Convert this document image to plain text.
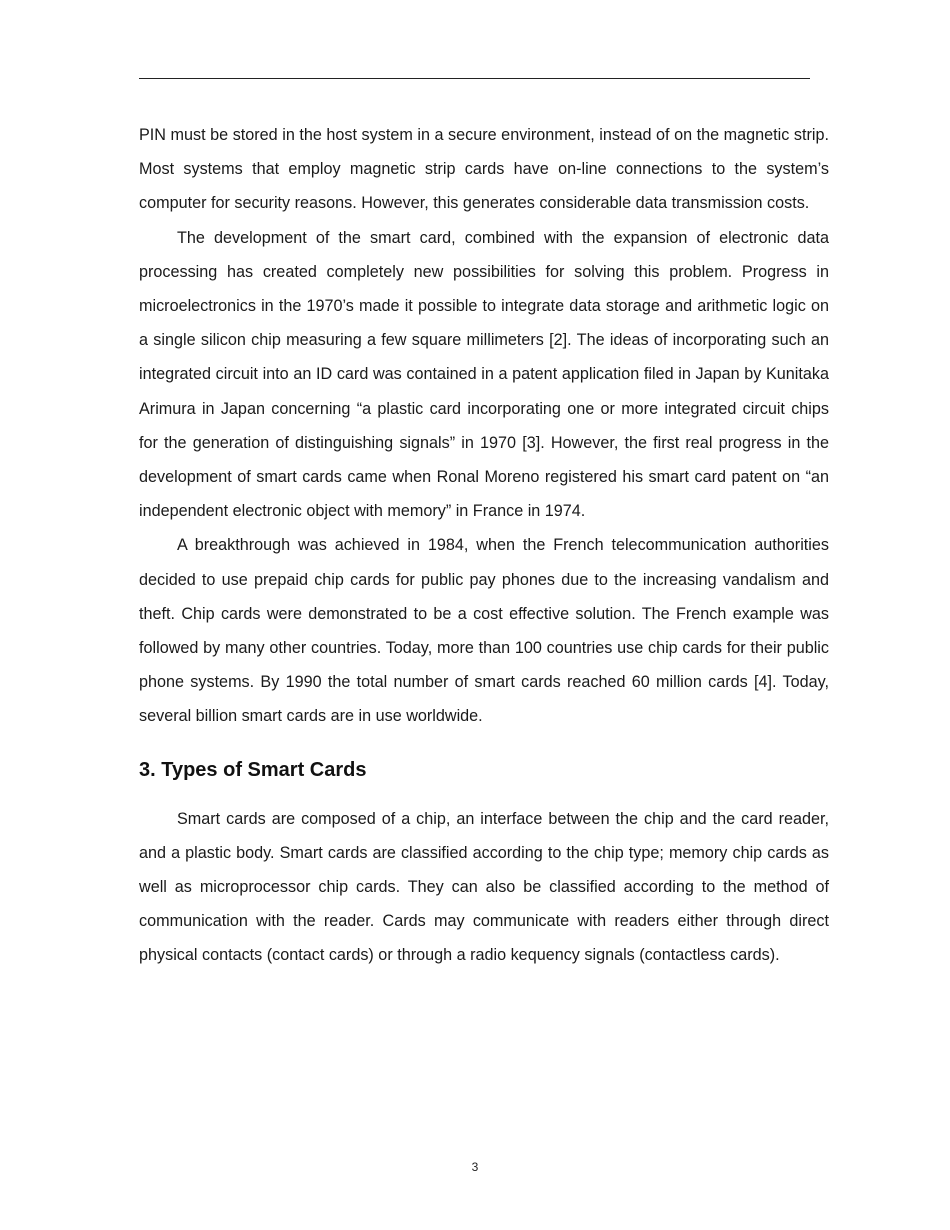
PIN must be stored in the host system in a secure environment, instead of on the magnetic strip. Most systems that employ magnetic strip cards have on-line connections to the system’s computer for security reasons. However, this generates considerable data transmission costs.

The development of the smart card, combined with the expansion of electronic data processing has created completely new possibilities for solving this problem. Progress in microelectronics in the 1970’s made it possible to integrate data storage and arithmetic logic on a single silicon chip measuring a few square millimeters [2]. The ideas of incorporating such an integrated circuit into an ID card was contained in a patent application filed in Japan by Kunitaka Arimura in Japan concerning “a plastic card incorporating one or more integrated circuit chips for the generation of distinguishing signals” in 1970 [3]. However, the first real progress in the development of smart cards came when Ronal Moreno registered his smart card patent on “an independent electronic object with memory” in France in 1974.

A breakthrough was achieved in 1984, when the French telecommunication authorities decided to use prepaid chip cards for public pay phones due to the increasing vandalism and theft. Chip cards were demonstrated to be a cost effective solution. The French example was followed by many other countries. Today, more than 100 countries use chip cards for their public phone systems. By 1990 the total number of smart cards reached 60 million cards [4]. Today, several billion smart cards are in use worldwide.

3. Types of Smart Cards

Smart cards are composed of a chip, an interface between the chip and the card reader, and a plastic body. Smart cards are classified according to the chip type; memory chip cards as well as microprocessor chip cards. They can also be classified according to the method of communication with the reader. Cards may communicate with readers either through direct physical contacts (contact cards) or through a radio kequency signals (contactless cards).

3
